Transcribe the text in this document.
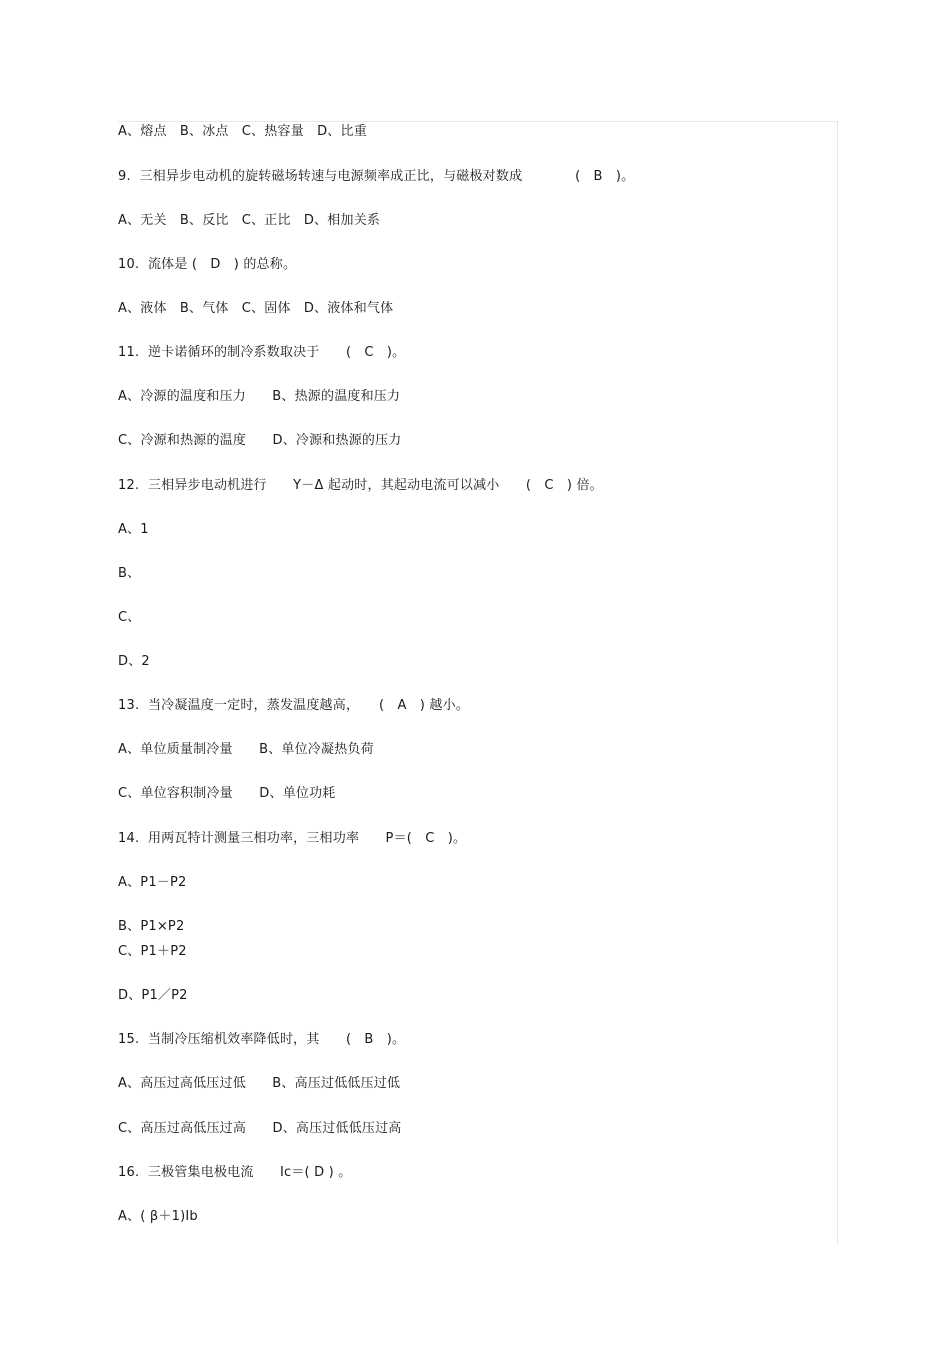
A、熔点　B、冰点　C、热容量　D、比重
9.  三相异步电动机的旋转磁场转速与电源频率成正比，与磁极对数成　　　　(　B　)。
A、无关　B、反比　C、正比　D、相加关系
10.  流体是 (　D　) 的总称。
A、液体　B、气体　C、固体　D、液体和气体
11.  逆卡诺循环的制冷系数取决于　　(　C　)。
A、冷源的温度和压力　　B、热源的温度和压力
C、冷源和热源的温度　　D、冷源和热源的压力
12.  三相异步电动机进行　　Y－Δ 起动时，其起动电流可以减小　　(　C　) 倍。
A、1
B、
C、
D、2
13.  当冷凝温度一定时，蒸发温度越高，　　(　A　) 越小。
A、单位质量制冷量　　B、单位冷凝热负荷
C、单位容积制冷量　　D、单位功耗
14.  用两瓦特计测量三相功率，三相功率　　P＝(　C　)。
A、P1－P2
B、P1×P2
C、P1＋P2
D、P1／P2
15.  当制冷压缩机效率降低时，其　　(　B　)。
A、高压过高低压过低　　B、高压过低低压过低
C、高压过高低压过高　　D、高压过低低压过高
16.  三极管集电极电流　　Ic＝( D ) 。
A、( β＋1)Ib
